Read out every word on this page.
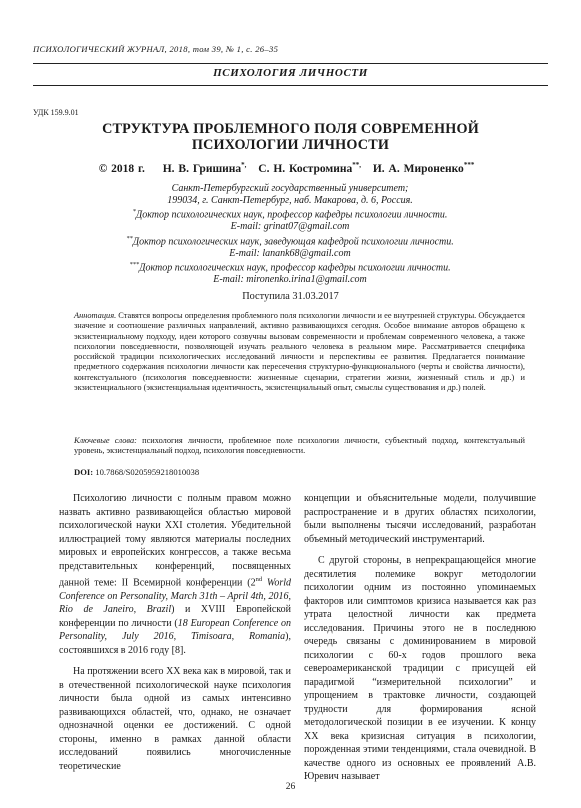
ПСИХОЛОГИЧЕСКИЙ ЖУРНАЛ, 2018, том 39, № 1, с. 26–35
ПСИХОЛОГИЯ ЛИЧНОСТИ
УДК 159.9.01
СТРУКТУРА ПРОБЛЕМНОГО ПОЛЯ СОВРЕМЕННОЙ
ПСИХОЛОГИИ ЛИЧНОСТИ
© 2018 г. Н. В. Гришина*, С. Н. Костромина**, И. А. Мироненко***
Санкт-Петербургский государственный университет;
199034, г. Санкт-Петербург, наб. Макарова, д. 6, Россия.
*Доктор психологических наук, профессор кафедры психологии личности.
E-mail: grinat07@gmail.com
**Доктор психологических наук, заведующая кафедрой психологии личности.
E-mail: lanank68@gmail.com
***Доктор психологических наук, профессор кафедры психологии личности.
E-mail: mironenko.irina1@gmail.com
Поступила 31.03.2017
Аннотация. Ставятся вопросы определения проблемного поля психологии личности и ее внутренней структуры. Обсуждается значение и соотношение различных направлений, активно развивающихся сегодня. Особое внимание авторов обращено к экзистенциальному подходу, идеи которого созвучны вызовам современности и проблемам современного человека, а также психологии повседневности, позволяющей изучать реального человека в реальном мире. Рассматривается специфика российской традиции психологических исследований личности и перспективы ее развития. Предлагается понимание предметного содержания психологии личности как пересечения структурно-функционального (черты и свойства личности), контекстуального (психология повседневности: жизненные сценарии, стратегии жизни, жизненный стиль и др.) и экзистенциального (экзистенциальная идентичность, экзистенциальный опыт, смыслы существования и др.) полей.
Ключевые слова: психология личности, проблемное поле психологии личности, субъектный подход, контекстуальный уровень, экзистенциальный подход, психология повседневности.
DOI: 10.7868/S0205959218010038

Психологию личности с полным правом можно назвать активно развивающейся областью мировой психологической науки XXI столетия. Убедительной иллюстрацией тому являются материалы последних мировых и европейских конгрессов, а также весьма представительных конференций, посвященных данной теме: II Всемирной конференции (2nd World Conference on Personality, March 31th – April 4th, 2016, Rio de Janeiro, Brazil) и XVIII Европейской конференции по личности (18 European Conference on Personality, July 2016, Timisoara, Romania), состоявшихся в 2016 году [8].

На протяжении всего XX века как в мировой, так и в отечественной психологической науке психология личности была одной из самых интенсивно развивающихся областей, что, однако, не означает однозначной оценки ее достижений. С одной стороны, именно в рамках данной области исследований появились многочисленные теоретические

концепции и объяснительные модели, получившие распространение и в других областях психологии, были выполнены тысячи исследований, разработан объемный методический инструментарий.

С другой стороны, в непрекращающейся многие десятилетия полемике вокруг методологии психологии одним из постоянно упоминаемых факторов или симптомов кризиса называется как раз утрата целостной личности как предмета исследования. Причины этого не в последнюю очередь связаны с доминированием в мировой психологии с 60-х годов прошлого века североамериканской традиции с присущей ей парадигмой “измерительной психологии” и упрощением в трактовке личности, создающей трудности для формирования ясной методологической позиции в ее изучении. К концу XX века кризисная ситуация в психологии, порожденная этими тенденциями, стала очевидной. В качестве одного из основных ее проявлений А.В. Юревич называет

26
